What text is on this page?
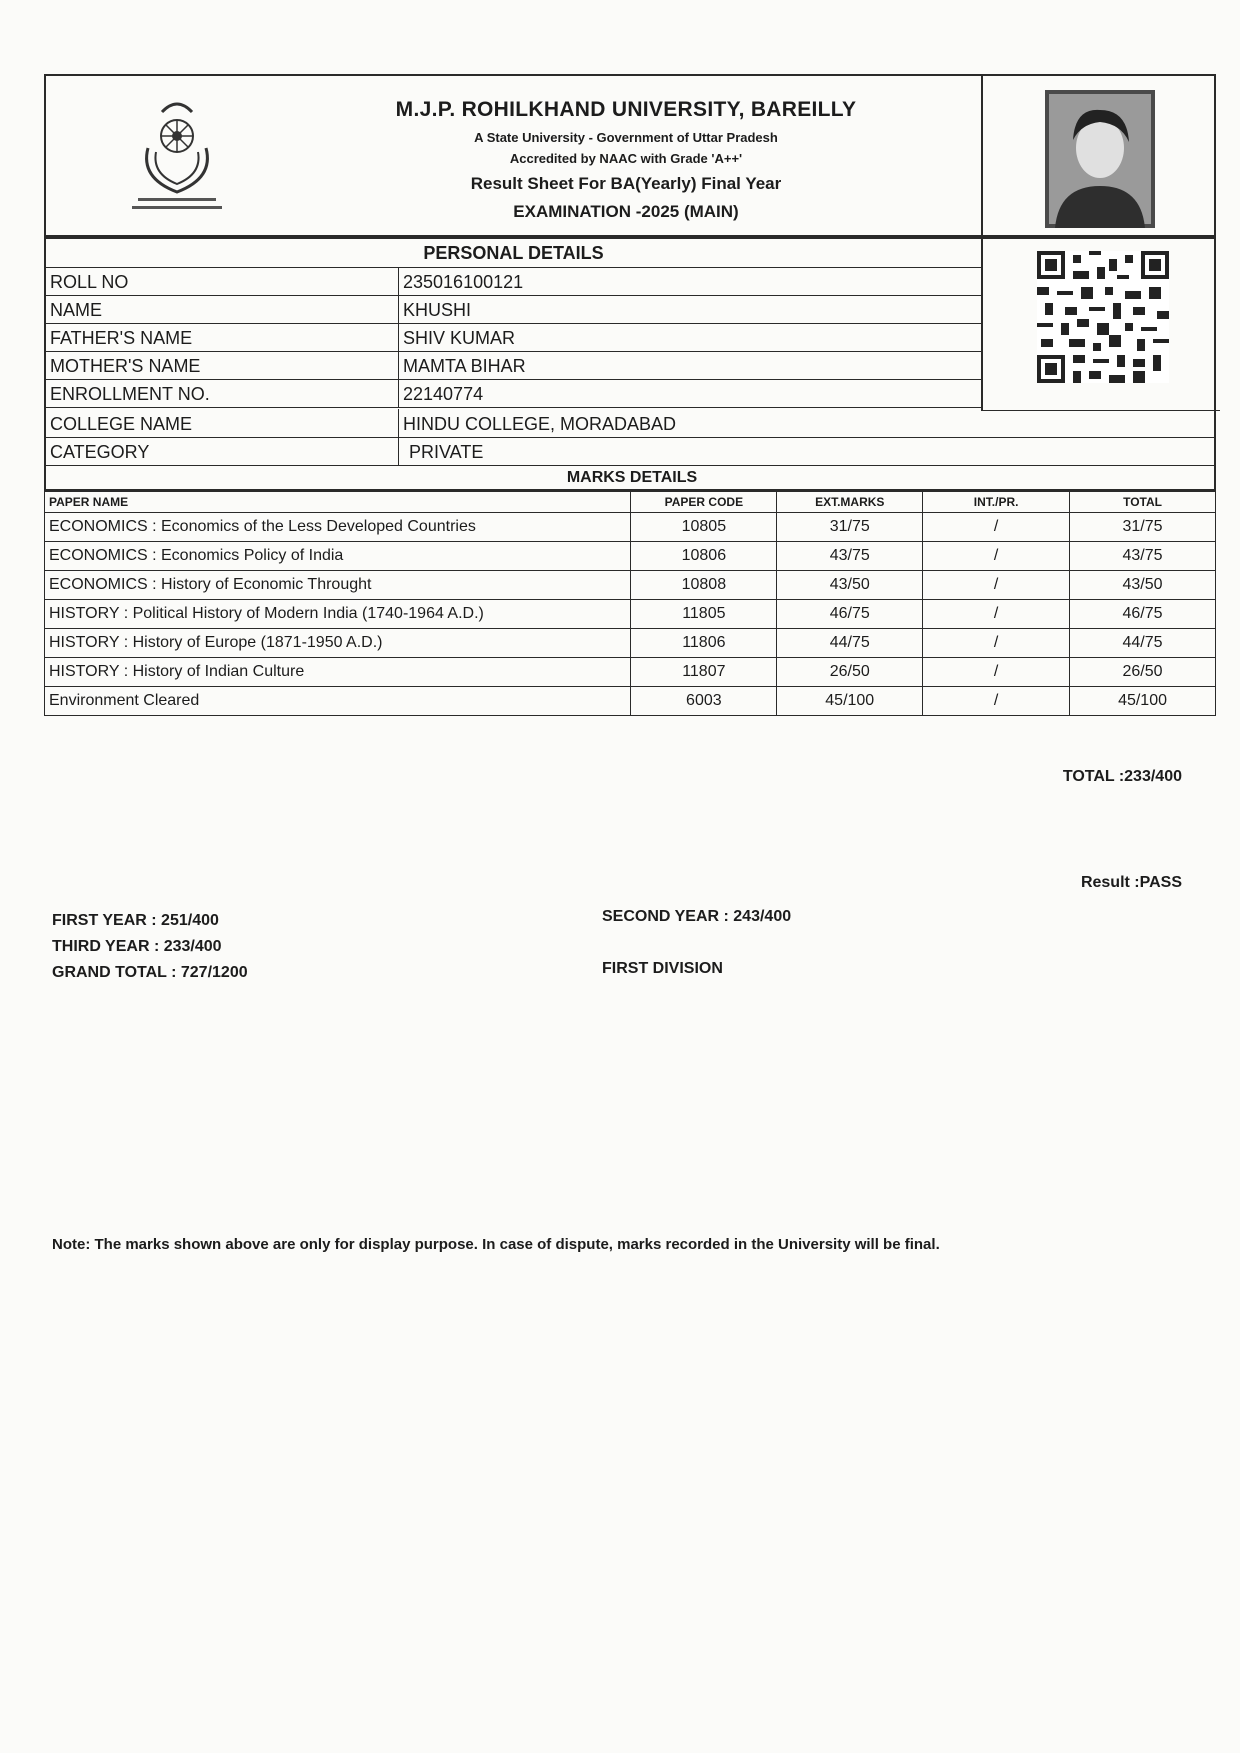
M.J.P. ROHILKHAND UNIVERSITY, BAREILLY
A State University - Government of Uttar Pradesh
Accredited by NAAC with Grade 'A++'
Result Sheet For BA(Yearly) Final Year
EXAMINATION -2025 (MAIN)
PERSONAL DETAILS
ROLL NO	235016100121
NAME	KHUSHI
FATHER'S NAME	SHIV KUMAR
MOTHER'S NAME	MAMTA BIHAR
ENROLLMENT NO.	22140774
COLLEGE NAME	HINDU COLLEGE, MORADABAD
CATEGORY	PRIVATE
MARKS DETAILS
PAPER NAME	PAPER CODE	EXT.MARKS	INT./PR.	TOTAL
ECONOMICS : Economics of the Less Developed Countries	10805	31/75	/	31/75
ECONOMICS : Economics Policy of India	10806	43/75	/	43/75
ECONOMICS : History of Economic Throught	10808	43/50	/	43/50
HISTORY : Political History of Modern India (1740-1964 A.D.)	11805	46/75	/	46/75
HISTORY : History of Europe (1871-1950 A.D.)	11806	44/75	/	44/75
HISTORY : History of Indian Culture	11807	26/50	/	26/50
Environment Cleared	6003	45/100	/	45/100
TOTAL :233/400
Result :PASS
FIRST YEAR : 251/400
THIRD YEAR : 233/400
GRAND TOTAL : 727/1200
SECOND YEAR : 243/400
FIRST DIVISION
Note: The marks shown above are only for display purpose. In case of dispute, marks recorded in the University will be final.
